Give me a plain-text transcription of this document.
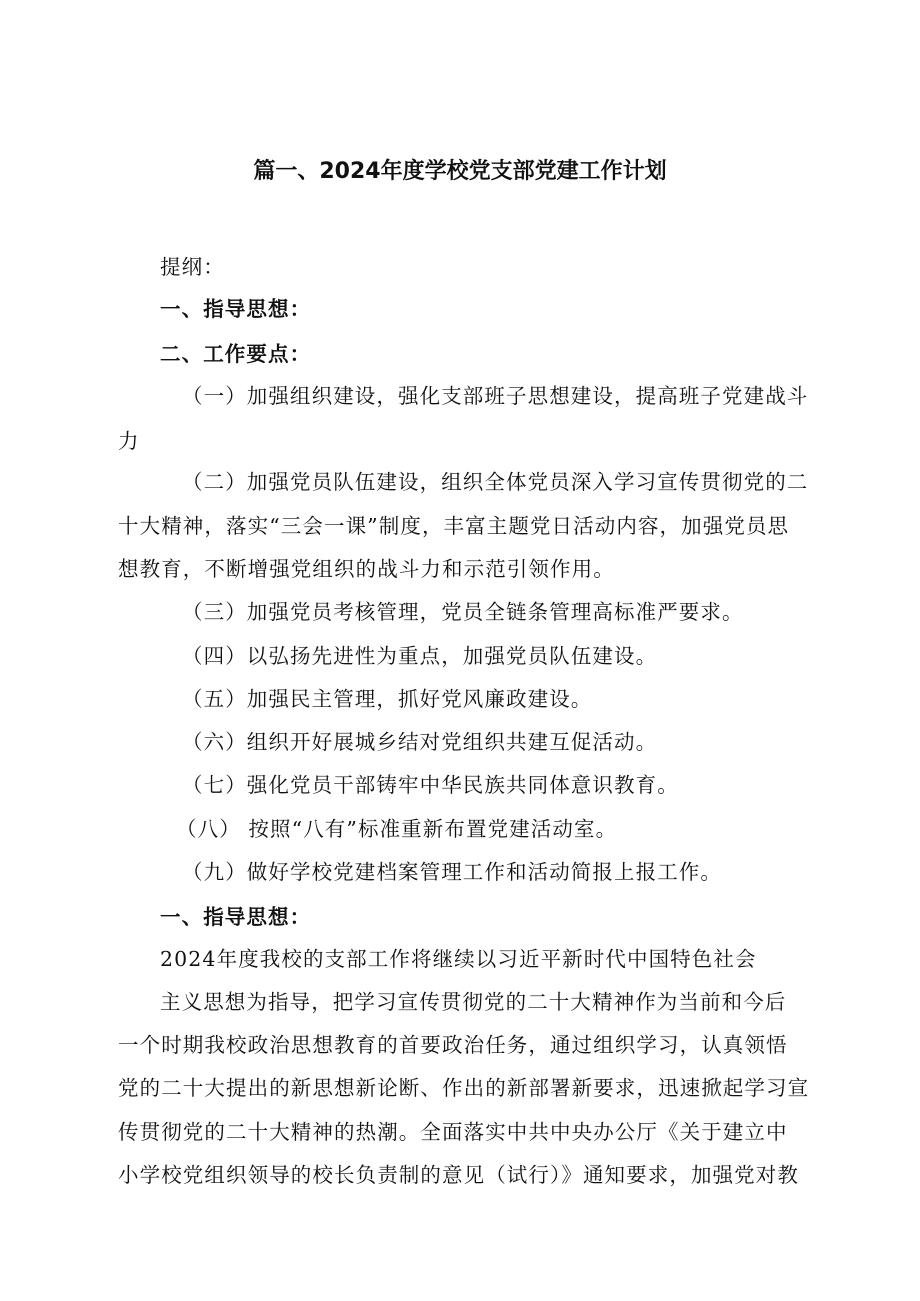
篇一、2024年度学校党支部党建工作计划
提纲：
一、指导思想：
二、工作要点：
（一）加强组织建设，强化支部班子思想建设，提高班子党建战斗
力
（二）加强党员队伍建设，组织全体党员深入学习宣传贯彻党的二
十大精神，落实“三会一课”制度，丰富主题党日活动内容，加强党员思
想教育，不断增强党组织的战斗力和示范引领作用。
（三）加强党员考核管理，党员全链条管理高标准严要求。
（四）以弘扬先进性为重点，加强党员队伍建设。
（五）加强民主管理，抓好党风廉政建设。
（六）组织开好展城乡结对党组织共建互促活动。
（七）强化党员干部铸牢中华民族共同体意识教育。
（八） 按照“八有”标准重新布置党建活动室。
（九）做好学校党建档案管理工作和活动简报上报工作。
一、指导思想：
2024年度我校的支部工作将继续以习近平新时代中国特色社会
主义思想为指导，把学习宣传贯彻党的二十大精神作为当前和今后
一个时期我校政治思想教育的首要政治任务，通过组织学习，认真领悟
党的二十大提出的新思想新论断、作出的新部署新要求，迅速掀起学习宣
传贯彻党的二十大精神的热潮。全面落实中共中央办公厅《关于建立中
小学校党组织领导的校长负责制的意见（试行）》通知要求，加强党对教
